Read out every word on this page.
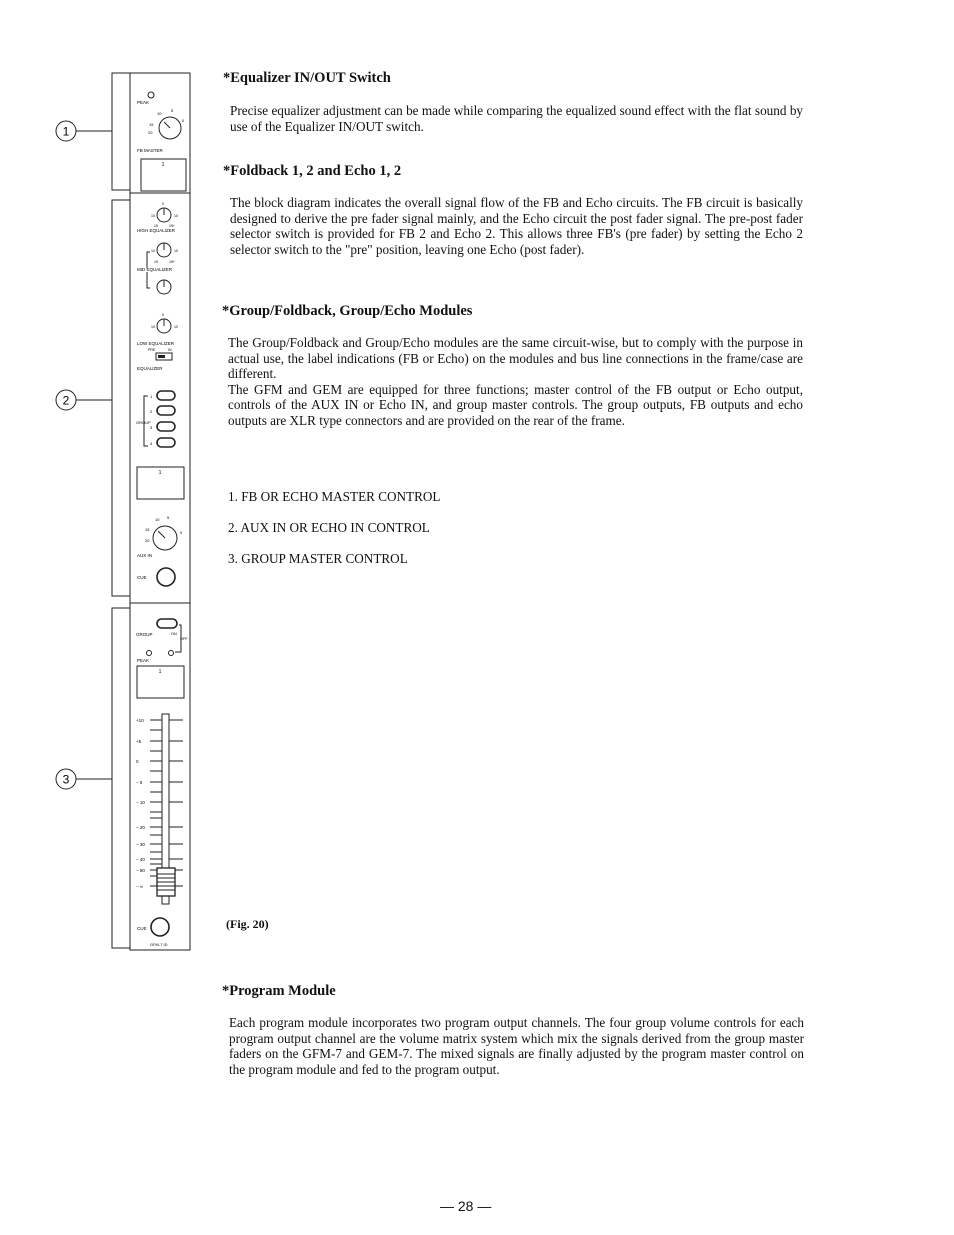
1
2
3
PEAK
10
5
0
15
20
FB MASTER
1
0
10	10
15	15+
HIGH EQUALIZER
10	10
15	15+
MID EQUALIZER
0
10	10
LOW EQUALIZER
PRE	IN
EQUALIZER
1
2
3
4
GROUP
1
10 5
0
15
20
AUX IN
CUE
GROUP	ON
OFF
PEAK
1
+10
+5
0
− 5
− 10
− 20
− 30
− 40
− 50
− ∞
CUE
GFM-7 ID
*Equalizer IN/OUT Switch
Precise equalizer adjustment can be made while comparing the equalized sound effect with the flat sound by use of the Equalizer IN/OUT switch.
*Foldback 1, 2 and Echo 1, 2
The block diagram indicates the overall signal flow of the FB and Echo circuits. The FB circuit is basically designed to derive the pre fader signal mainly, and the Echo circuit the post fader signal. The pre-post fader selector switch is provided for FB 2 and Echo 2. This allows three FB's (pre fader) by setting the Echo 2 selector switch to the "pre" position, leaving one Echo (post fader).
*Group/Foldback, Group/Echo Modules

The Group/Foldback and Group/Echo modules are the same circuit-wise, but to comply with the purpose in actual use, the label indications (FB or Echo) on the modules and bus line connections in the frame/case are different.

The GFM and GEM are equipped for three functions; master control of the FB output or Echo output, controls of the AUX IN or Echo IN, and group master controls. The group outputs, FB outputs and echo outputs are XLR type connectors and are provided on the rear of the frame.

1. FB OR ECHO MASTER CONTROL
2. AUX IN OR ECHO IN CONTROL
3. GROUP MASTER CONTROL
(Fig. 20)
*Program Module
Each program module incorporates two program output channels. The four group volume controls for each program output channel are the volume matrix system which mix the signals derived from the group master faders on the GFM-7 and GEM-7. The mixed signals are finally adjusted by the program master control on the program module and fed to the program output.
— 28 —
